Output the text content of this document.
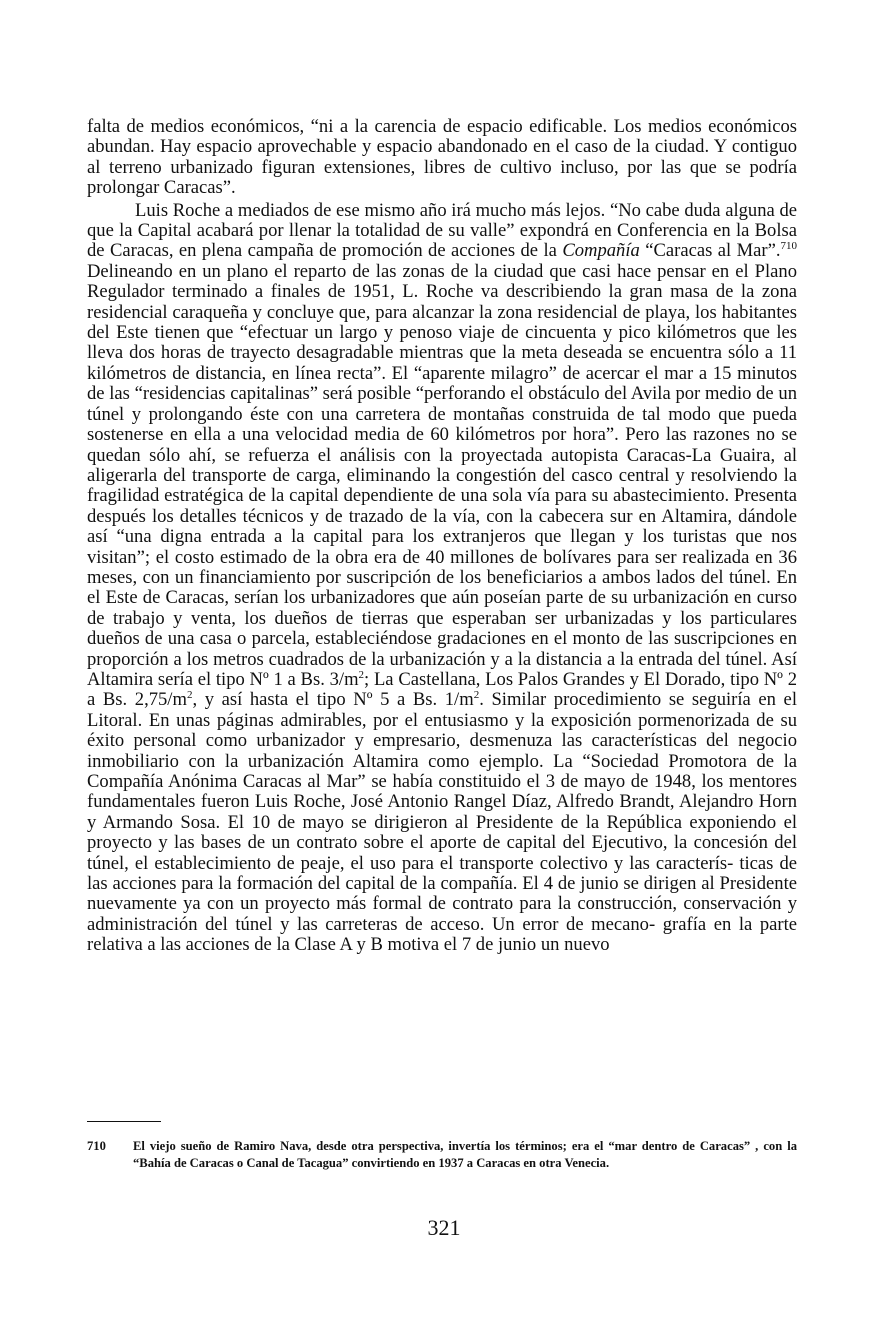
falta de medios económicos, “ni a la carencia de espacio edificable. Los medios económicos abundan. Hay espacio aprovechable y espacio abandonado en el caso de la ciudad. Y contiguo al terreno urbanizado figuran extensiones, libres de cultivo incluso, por las que se podría prolongar Caracas”.

Luis Roche a mediados de ese mismo año irá mucho más lejos. “No cabe duda alguna de que la Capital acabará por llenar la totalidad de su valle” expondrá en Conferencia en la Bolsa de Caracas, en plena campaña de promoción de acciones de la Compañía “Caracas al Mar”.$^{710}$ Delineando en un plano el reparto de las zonas de la ciudad que casi hace pensar en el Plano Regulador terminado a finales de 1951, L. Roche va describiendo la gran masa de la zona residencial caraqueña y concluye que, para alcanzar la zona residencial de playa, los habitantes del Este tienen que “efectuar un largo y penoso viaje de cincuenta y pico kilómetros que les lleva dos horas de trayecto desagradable mientras que la meta deseada se encuentra sólo a 11 kilómetros de distancia, en línea recta”. El “aparente milagro” de acercar el mar a 15 minutos de las “residencias capitalinas” será posible “perforando el obstáculo del Avila por medio de un túnel y prolongando éste con una carretera de montañas construida de tal modo que pueda sostenerse en ella a una velocidad media de 60 kilómetros por hora”. Pero las razones no se quedan sólo ahí, se refuerza el análisis con la proyectada autopista Caracas-La Guaira, al aligerarla del transporte de carga, eliminando la congestión del casco central y resolviendo la fragilidad estratégica de la capital dependiente de una sola vía para su abastecimiento. Presenta después los detalles técnicos y de trazado de la vía, con la cabecera sur en Altamira, dándole así “una digna entrada a la capital para los extranjeros que llegan y los turistas que nos visitan”; el costo estimado de la obra era de 40 millones de bolívares para ser realizada en 36 meses, con un financiamiento por suscripción de los beneficiarios a ambos lados del túnel. En el Este de Caracas, serían los urbanizadores que aún poseían parte de su urbanización en curso de trabajo y venta, los dueños de tierras que esperaban ser urbanizadas y los particulares dueños de una casa o parcela, estableciéndose gradaciones en el monto de las suscripciones en proporción a los metros cuadrados de la urbanización y a la distancia a la entrada del túnel. Así Altamira sería el tipo Nº 1 a Bs. $3/m^2$; La Castellana, Los Palos Grandes y El Dorado, tipo Nº 2 a Bs. $2,75/m^2$, y así hasta el tipo Nº 5 a Bs. $1/m^2$. Similar procedimiento se seguiría en el Litoral. En unas páginas admirables, por el entusiasmo y la exposición pormenorizada de su éxito personal como urbanizador y empresario, desmenuza las características del negocio inmobiliario con la urbanización Altamira como ejemplo. La “Sociedad Promotora de la Compañía Anónima Caracas al Mar” se había constituido el 3 de mayo de 1948, los mentores fundamentales fueron Luis Roche, José Antonio Rangel Díaz, Alfredo Brandt, Alejandro Horn y Armando Sosa. El 10 de mayo se dirigieron al Presidente de la República exponiendo el proyecto y las bases de un contrato sobre el aporte de capital del Ejecutivo, la concesión del túnel, el establecimiento de peaje, el uso para el transporte colectivo y las caracterís- ticas de las acciones para la formación del capital de la compañía. El 4 de junio se dirigen al Presidente nuevamente ya con un proyecto más formal de contrato para la construcción, conservación y administración del túnel y las carreteras de acceso. Un error de mecano- grafía en la parte relativa a las acciones de la Clase A y B motiva el 7 de junio un nuevo

710	El viejo sueño de Ramiro Nava, desde otra perspectiva, invertía los términos; era el “mar dentro de Caracas” , con la “Bahía de Caracas o Canal de Tacagua” convirtiendo en 1937 a Caracas en otra Venecia.
321
